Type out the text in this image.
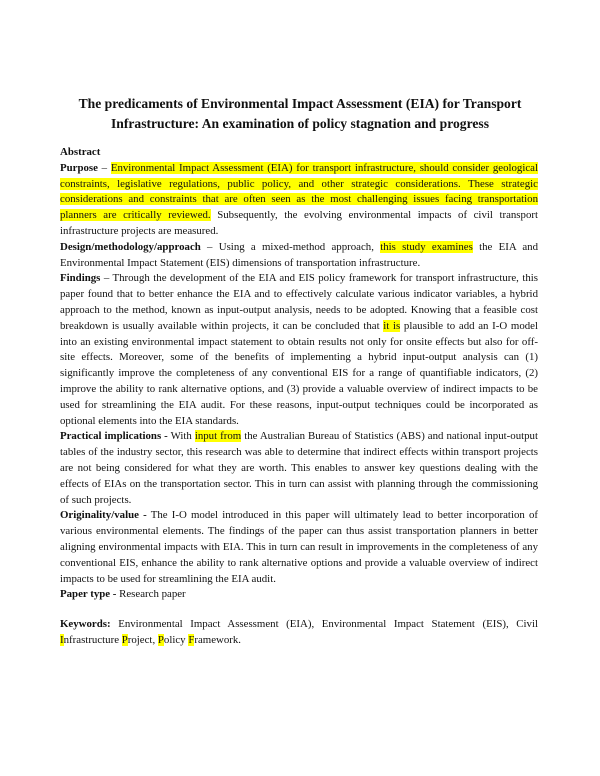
The predicaments of Environmental Impact Assessment (EIA) for Transport
Infrastructure: An examination of policy stagnation and progress

Abstract

Purpose – Environmental Impact Assessment (EIA) for transport infrastructure, should consider geological constraints, legislative regulations, public policy, and other strategic considerations. These strategic considerations and constraints that are often seen as the most challenging issues facing transportation planners are critically reviewed. Subsequently, the evolving environmental impacts of civil transport infrastructure projects are measured.

Design/methodology/approach – Using a mixed-method approach, this study examines the EIA and Environmental Impact Statement (EIS) dimensions of transportation infrastructure.

Findings – Through the development of the EIA and EIS policy framework for transport infrastructure, this paper found that to better enhance the EIA and to effectively calculate various indicator variables, a hybrid approach to the method, known as input-output analysis, needs to be adopted. Knowing that a feasible cost breakdown is usually available within projects, it can be concluded that it is plausible to add an I-O model into an existing environmental impact statement to obtain results not only for onsite effects but also for off-site effects. Moreover, some of the benefits of implementing a hybrid input-output analysis can (1) significantly improve the completeness of any conventional EIS for a range of quantifiable indicators, (2) improve the ability to rank alternative options, and (3) provide a valuable overview of indirect impacts to be used for streamlining the EIA audit. For these reasons, input-output techniques could be incorporated as optional elements into the EIA standards.

Practical implications - With input from the Australian Bureau of Statistics (ABS) and national input-output tables of the industry sector, this research was able to determine that indirect effects within transport projects are not being considered for what they are worth. This enables to answer key questions dealing with the effects of EIAs on the transportation sector. This in turn can assist with planning through the commissioning of such projects.

Originality/value - The I-O model introduced in this paper will ultimately lead to better incorporation of various environmental elements. The findings of the paper can thus assist transportation planners in better aligning environmental impacts with EIA. This in turn can result in improvements in the completeness of any conventional EIS, enhance the ability to rank alternative options and provide a valuable overview of indirect impacts to be used for streamlining the EIA audit.

Paper type - Research paper

Keywords: Environmental Impact Assessment (EIA), Environmental Impact Statement (EIS), Civil Infrastructure Project, Policy Framework.
